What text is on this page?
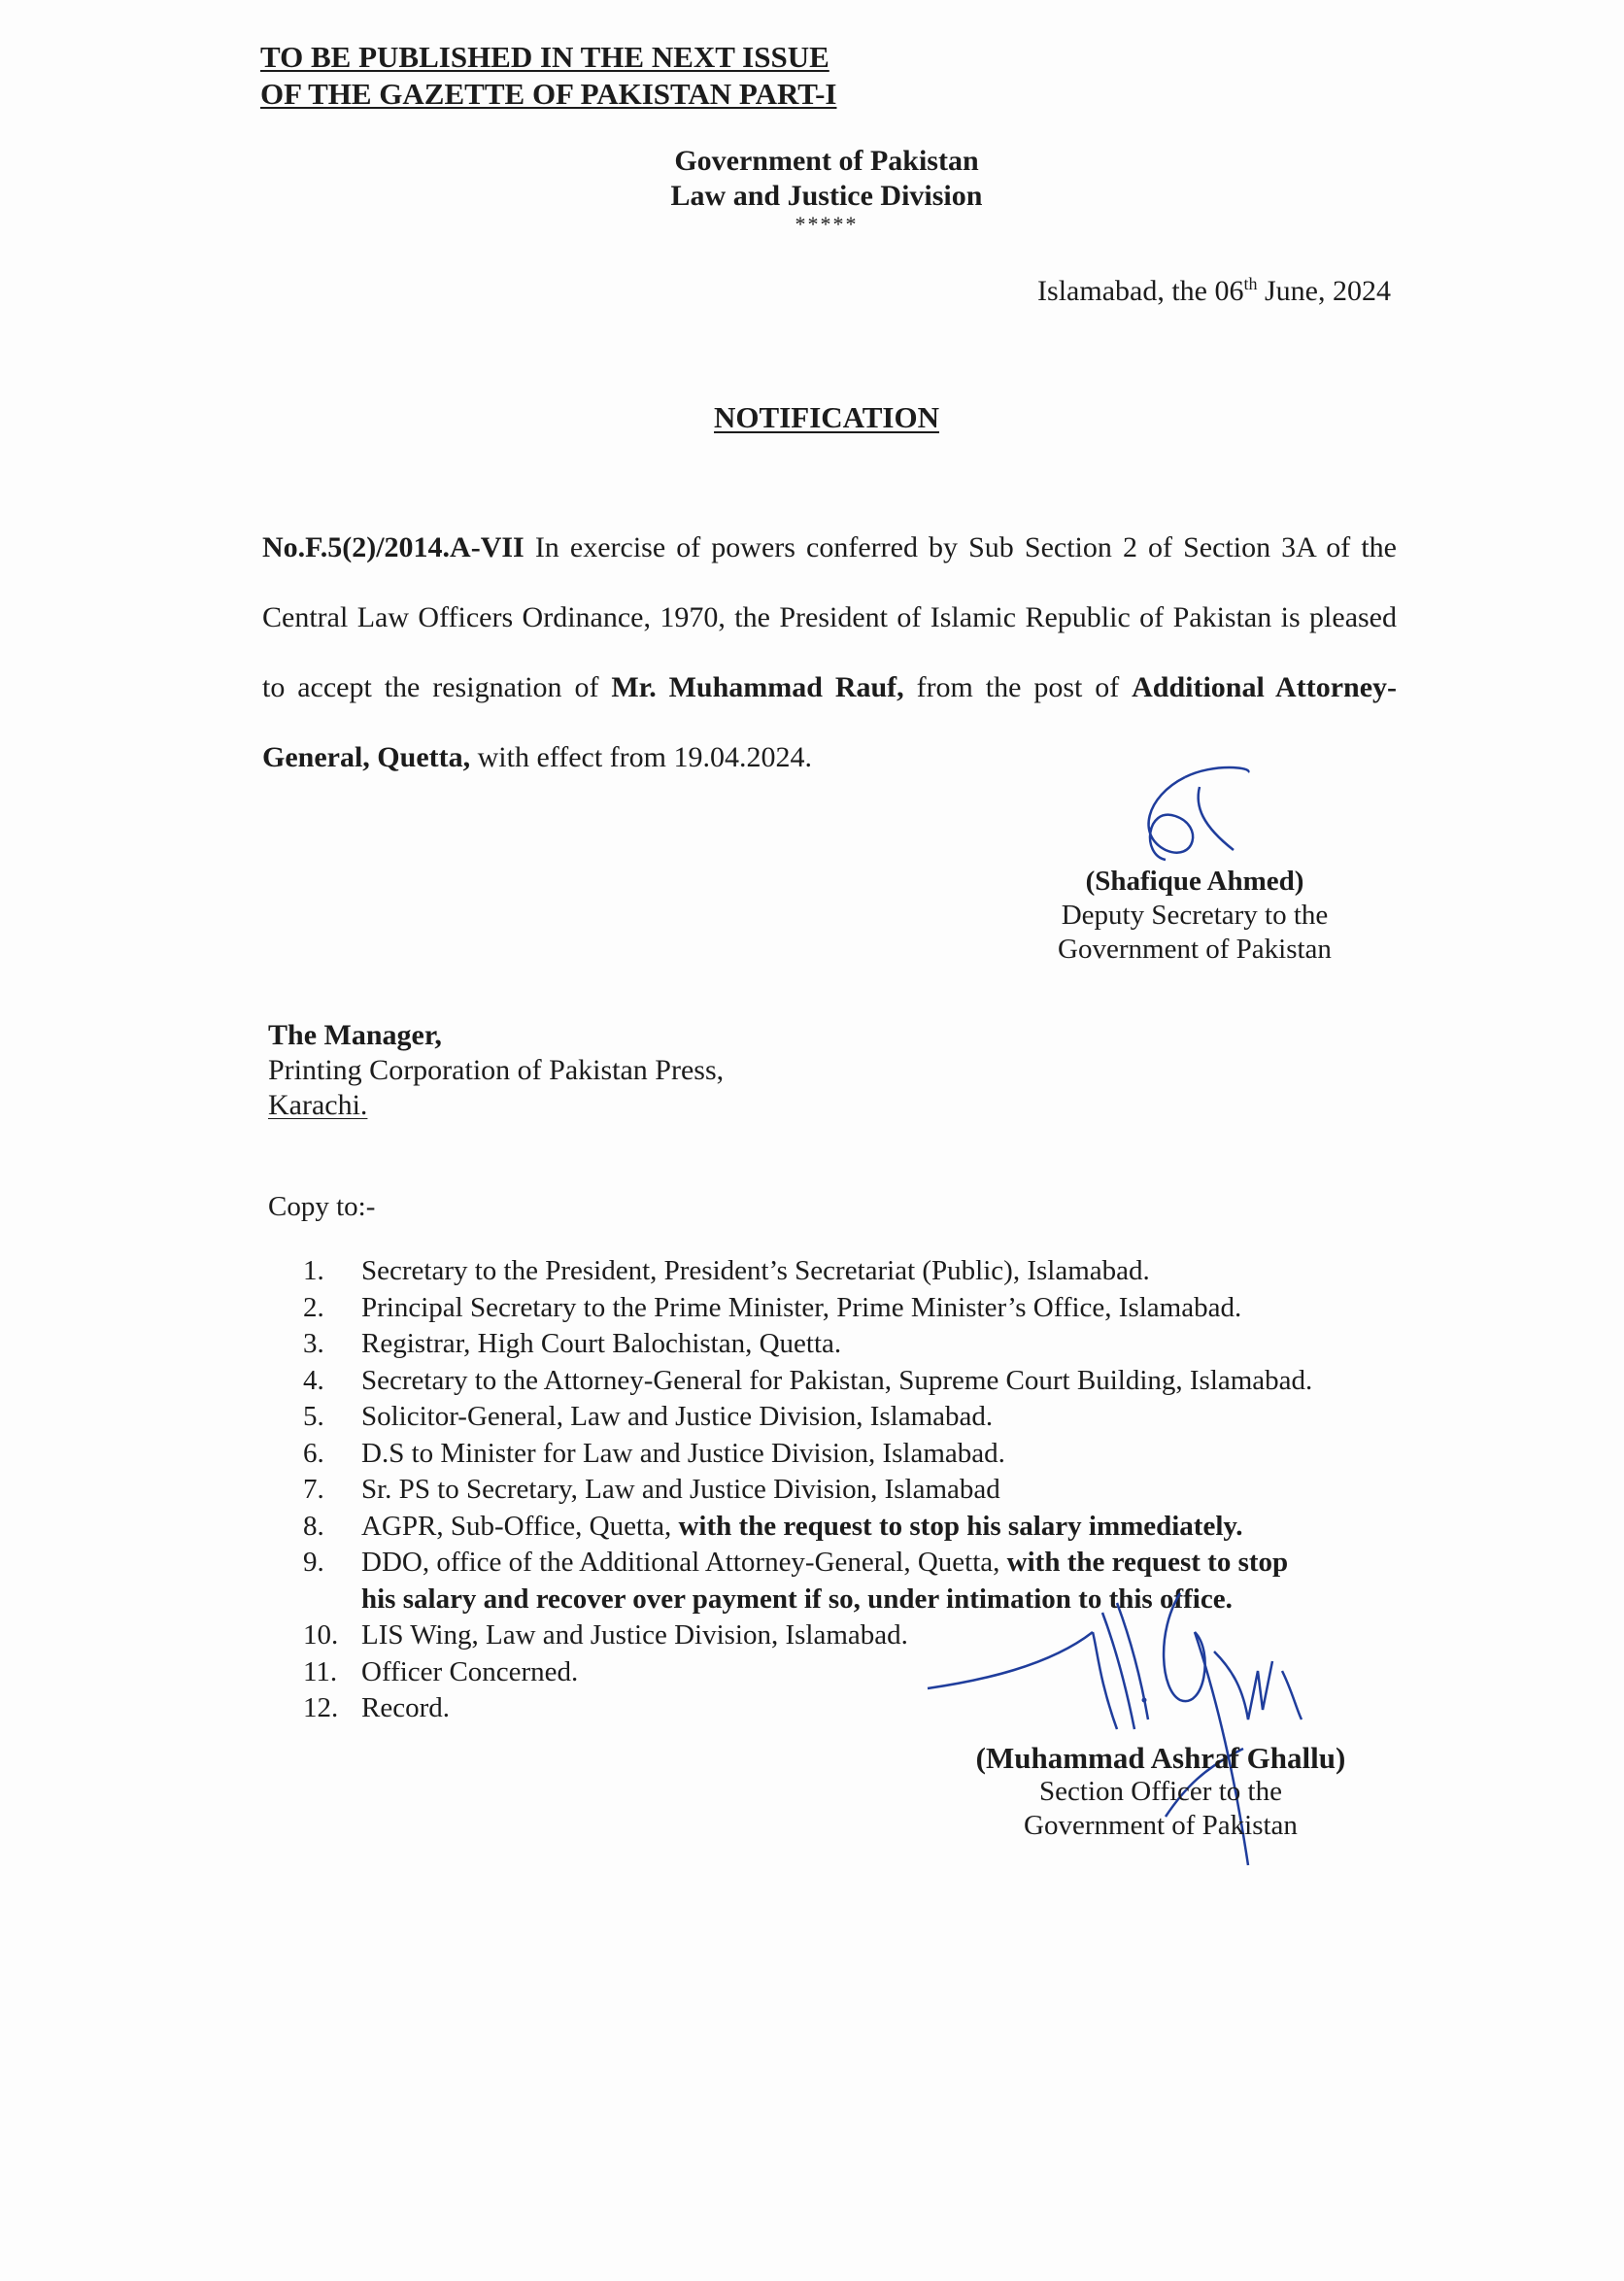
TO BE PUBLISHED IN THE NEXT ISSUE
OF THE GAZETTE OF PAKISTAN PART-I
Government of Pakistan
Law and Justice Division
*****
Islamabad, the 06th June, 2024
NOTIFICATION
No.F.5(2)/2014.A-VII In exercise of powers conferred by Sub Section 2 of Section 3A of the Central Law Officers Ordinance, 1970, the President of Islamic Republic of Pakistan is pleased to accept the resignation of Mr. Muhammad Rauf, from the post of Additional Attorney-General, Quetta, with effect from 19.04.2024.
(Shafique Ahmed)
Deputy Secretary to the
Government of Pakistan
The Manager,
Printing Corporation of Pakistan Press,
Karachi.
Copy to:-
1.	Secretary to the President, President’s Secretariat (Public), Islamabad.
2.	Principal Secretary to the Prime Minister, Prime Minister’s Office, Islamabad.
3.	Registrar, High Court Balochistan, Quetta.
4.	Secretary to the Attorney-General for Pakistan, Supreme Court Building, Islamabad.
5.	Solicitor-General, Law and Justice Division, Islamabad.
6.	D.S to Minister for Law and Justice Division, Islamabad.
7.	Sr. PS to Secretary, Law and Justice Division, Islamabad
8.	AGPR, Sub-Office, Quetta, with the request to stop his salary immediately.
9.	DDO, office of the Additional Attorney-General, Quetta, with the request to stop
his salary and recover over payment if so, under intimation to this office.
10. LIS Wing, Law and Justice Division, Islamabad.
11. Officer Concerned.
12. Record.
(Muhammad Ashraf Ghallu)
Section Officer to the
Government of Pakistan
